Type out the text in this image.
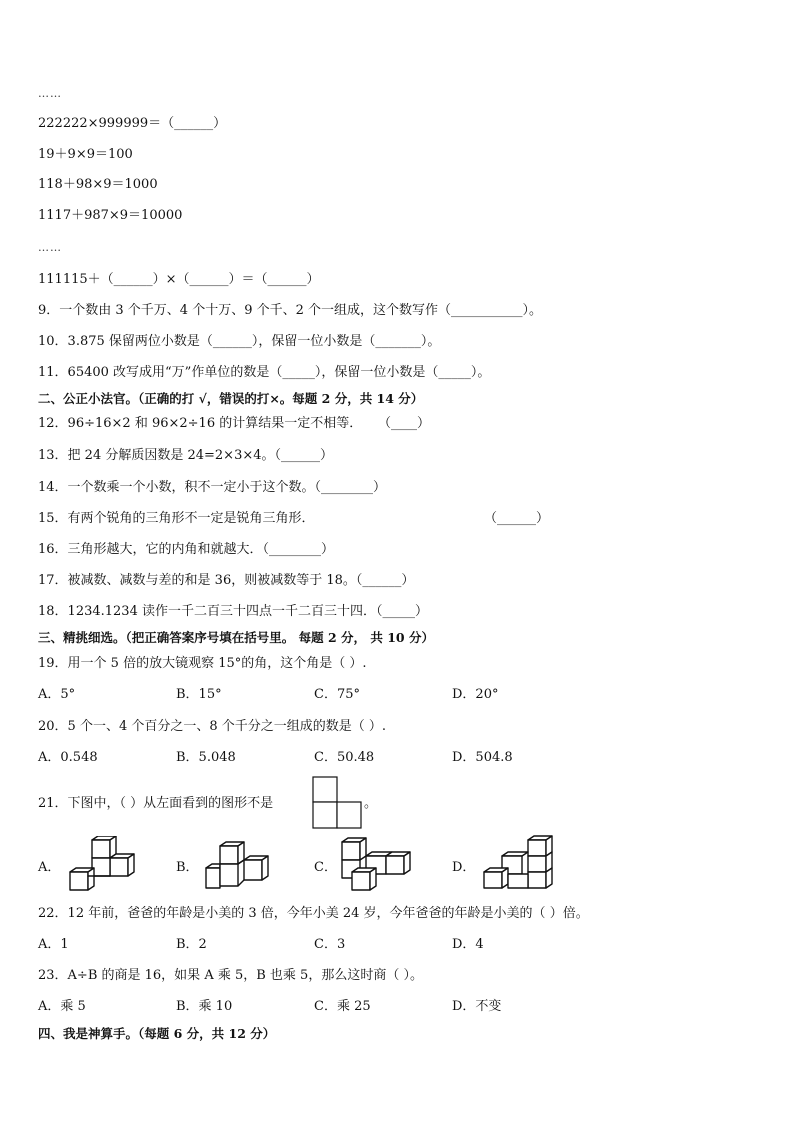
……
222222×999999＝（______）
19＋9×9＝100
118＋98×9＝1000
1117＋987×9＝10000
……
111115＋（______）×（______）＝（______）
9．一个数由 3 个千万、4 个十万、9 个千、2 个一组成，这个数写作（___________）。
10．3.875 保留两位小数是（______），保留一位小数是（_______）。
11．65400 改写成用“万”作单位的数是（_____），保留一位小数是（_____）。
二、公正小法官。（正确的打 √，错误的打×。每题 2 分，共 14 分）
12．96÷16×2 和 96×2÷16 的计算结果一定不相等． （____）
13．把 24 分解质因数是 24=2×3×4。（______）
14．一个数乘一个小数，积不一定小于这个数。（________）
15．有两个锐角的三角形不一定是锐角三角形．	（______）
16．三角形越大，它的内角和就越大．（________）
17．被减数、减数与差的和是 36，则被减数等于 18。（______）
18．1234.1234 读作一千二百三十四点一千二百三十四．（_____）
三、精挑细选。（把正确答案序号填在括号里。 每题 2 分， 共 10 分）
19．用一个 5 倍的放大镜观察 15°的角，这个角是（ ）.
A．5°	B．15°	C．75°	D．20°
20．5 个一、4 个百分之一、8 个千分之一组成的数是（ ）.
A．0.548	B．5.048	C．50.48	D．504.8
21．下图中，（ ）从左面看到的图形不是	。
A．	B．	C．	D．
22．12 年前，爸爸的年龄是小美的 3 倍，今年小美 24 岁，今年爸爸的年龄是小美的（ ）倍。
A．1	B．2	C．3	D．4
23．A÷B 的商是 16，如果 A 乘 5，B 也乘 5，那么这时商（ ）。
A．乘 5	B．乘 10	C．乘 25	D．不变
四、我是神算手。（每题 6 分，共 12 分）
